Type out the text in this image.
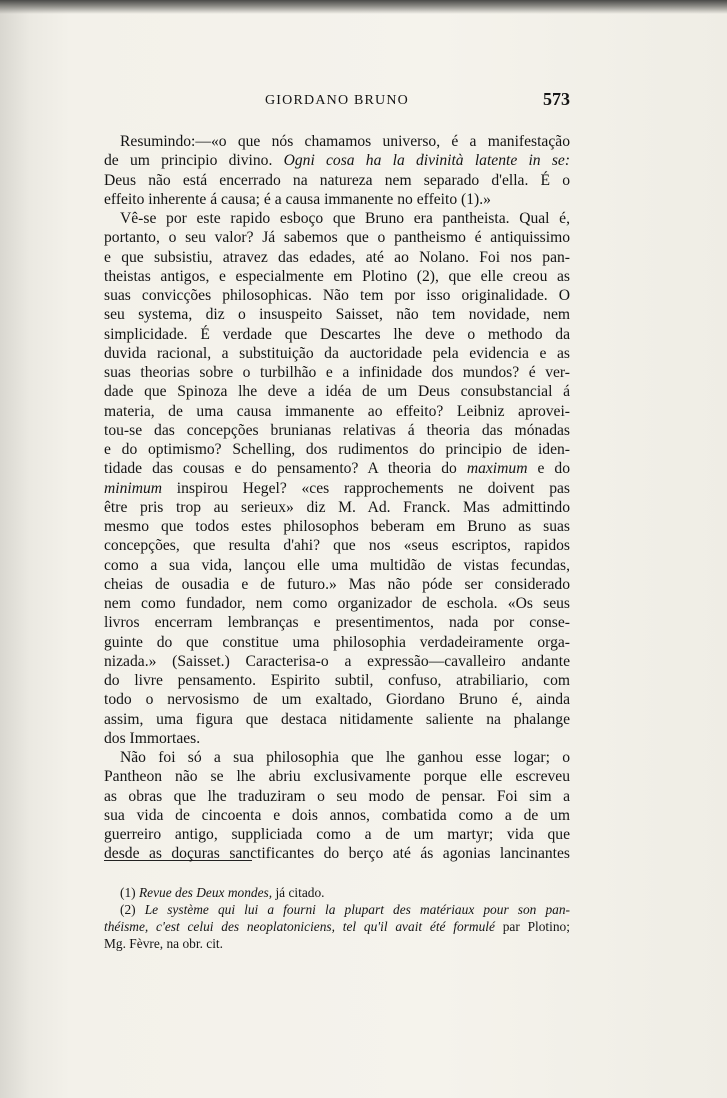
GIORDANO BRUNO	573
Resumindo:—«o que nós chamamos universo, é a manifestação
de um principio divino. Ogni cosa ha la divinità latente in se:
Deus não está encerrado na natureza nem separado d'ella. É o
effeito inherente á causa; é a causa immanente no effeito (1).»
Vê-se por este rapido esboço que Bruno era pantheista. Qual é,
portanto, o seu valor? Já sabemos que o pantheismo é antiquissimo
e que subsistiu, atravez das edades, até ao Nolano. Foi nos pan-
theistas antigos, e especialmente em Plotino (2), que elle creou as
suas convicções philosophicas. Não tem por isso originalidade. O
seu systema, diz o insuspeito Saisset, não tem novidade, nem
simplicidade. É verdade que Descartes lhe deve o methodo da
duvida racional, a substituição da auctoridade pela evidencia e as
suas theorias sobre o turbilhão e a infinidade dos mundos? é ver-
dade que Spinoza lhe deve a idéa de um Deus consubstancial á
materia, de uma causa immanente ao effeito? Leibniz aprovei-
tou-se das concepções brunianas relativas á theoria das mónadas
e do optimismo? Schelling, dos rudimentos do principio de iden-
tidade das cousas e do pensamento? A theoria do maximum e do
minimum inspirou Hegel? «ces rapprochements ne doivent pas
être pris trop au serieux» diz M. Ad. Franck. Mas admittindo
mesmo que todos estes philosophos beberam em Bruno as suas
concepções, que resulta d'ahi? que nos «seus escriptos, rapidos
como a sua vida, lançou elle uma multidão de vistas fecundas,
cheias de ousadia e de futuro.» Mas não póde ser considerado
nem como fundador, nem como organizador de eschola. «Os seus
livros encerram lembranças e presentimentos, nada por conse-
guinte do que constitue uma philosophia verdadeiramente orga-
nizada.» (Saisset.) Caracterisa-o a expressão—cavalleiro andante
do livre pensamento. Espirito subtil, confuso, atrabiliario, com
todo o nervosismo de um exaltado, Giordano Bruno é, ainda
assim, uma figura que destaca nitidamente saliente na phalange
dos Immortaes.
Não foi só a sua philosophia que lhe ganhou esse logar; o
Pantheon não se lhe abriu exclusivamente porque elle escreveu
as obras que lhe traduziram o seu modo de pensar. Foi sim a
sua vida de cincoenta e dois annos, combatida como a de um
guerreiro antigo, suppliciada como a de um martyr; vida que
desde as doçuras sanctificantes do berço até ás agonias lancinantes
(1) Revue des Deux mondes, já citado.
(2) Le système qui lui a fourni la plupart des matériaux pour son pan-
théisme, c'est celui des neoplatoniciens, tel qu'il avait été formulé par Plotino;
Mg. Fèvre, na obr. cit.
